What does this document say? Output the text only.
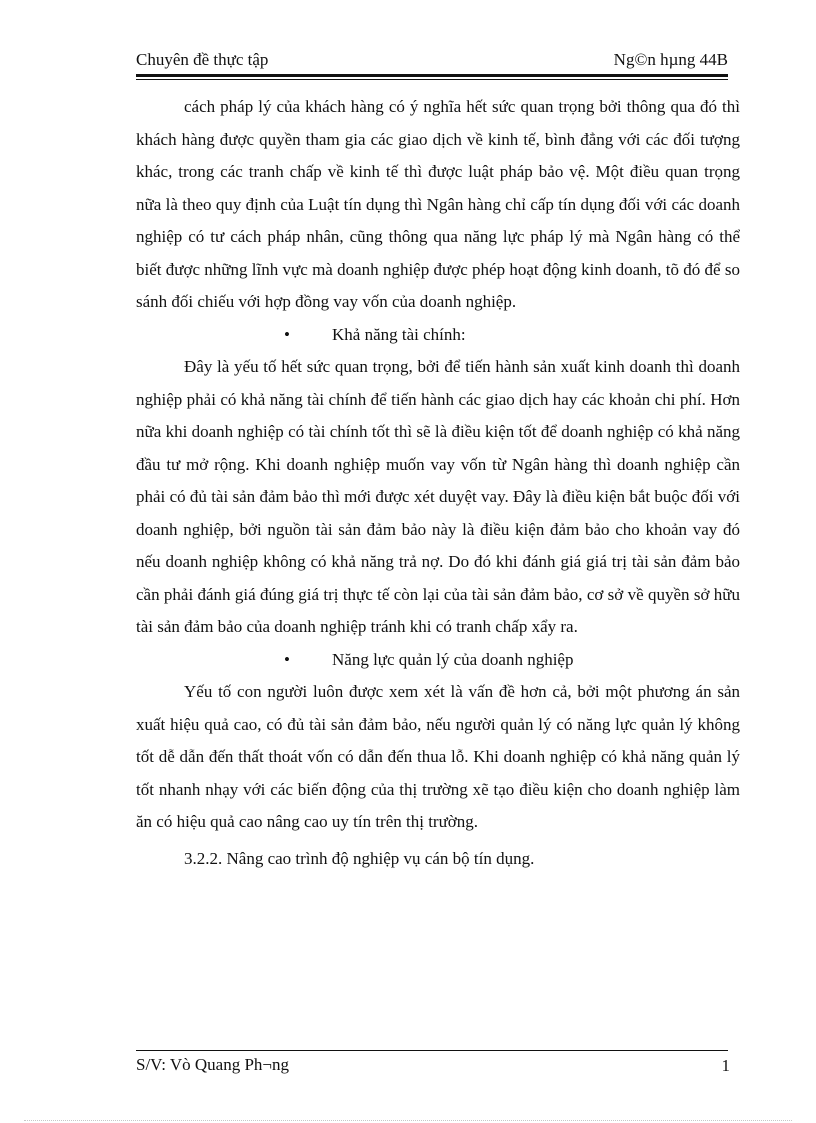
Chuyên đề thực tập	Ng©n hµng 44B

cách pháp lý của khách hàng có ý nghĩa hết sức quan trọng bởi thông qua đó thì khách hàng được quyền tham gia các giao dịch về kinh tế, bình đẳng với các đối tượng khác, trong các tranh chấp về kinh tế thì được luật pháp bảo vệ. Một điều quan trọng nữa là theo quy định của Luật tín dụng thì Ngân hàng chỉ cấp tín dụng đối với các doanh nghiệp có tư cách pháp nhân, cũng thông qua năng lực pháp lý mà Ngân hàng có thể biết được những lĩnh vực mà doanh nghiệp được phép hoạt động kinh doanh, tõ đó để so sánh đối chiếu với hợp đồng vay vốn của doanh nghiệp.

• Khả năng tài chính:

Đây là yếu tố hết sức quan trọng, bởi để tiến hành sản xuất kinh doanh thì doanh nghiệp phải có khả năng tài chính để tiến hành các giao dịch hay các khoản chi phí. Hơn nữa khi doanh nghiệp có tài chính tốt thì sẽ là điều kiện tốt để doanh nghiệp có khả năng đầu tư mở rộng. Khi doanh nghiệp muốn vay vốn từ Ngân hàng thì doanh nghiệp cần phải có đủ tài sản đảm bảo thì mới được xét duyệt vay. Đây là điều kiện bắt buộc đối với doanh nghiệp, bởi nguồn tài sản đảm bảo này là điều kiện đảm bảo cho khoản vay đó nếu doanh nghiệp không có khả năng trả nợ. Do đó khi đánh giá giá trị tài sản đảm bảo cần phải đánh giá đúng giá trị thực tế còn lại của tài sản đảm bảo, cơ sở về quyền sở hữu tài sản đảm bảo của doanh nghiệp tránh khi có tranh chấp xẩy ra.

• Năng lực quản lý của doanh nghiệp

Yếu tố con người luôn được xem xét là vấn đề hơn cả, bởi một phương án sản xuất hiệu quả cao, có đủ tài sản đảm bảo, nếu người quản lý có năng lực quản lý không tốt dễ dẫn đến thất thoát vốn có dẫn đến thua lỗ. Khi doanh nghiệp có khả năng quản lý tốt nhanh nhạy với các biến động của thị trường xẽ tạo điều kiện cho doanh nghiệp làm ăn có hiệu quả cao nâng cao uy tín trên thị trường.

3.2.2. Nâng cao trình độ nghiệp vụ cán bộ tín dụng.

S/V: Vò Quang Ph¬ng	1
